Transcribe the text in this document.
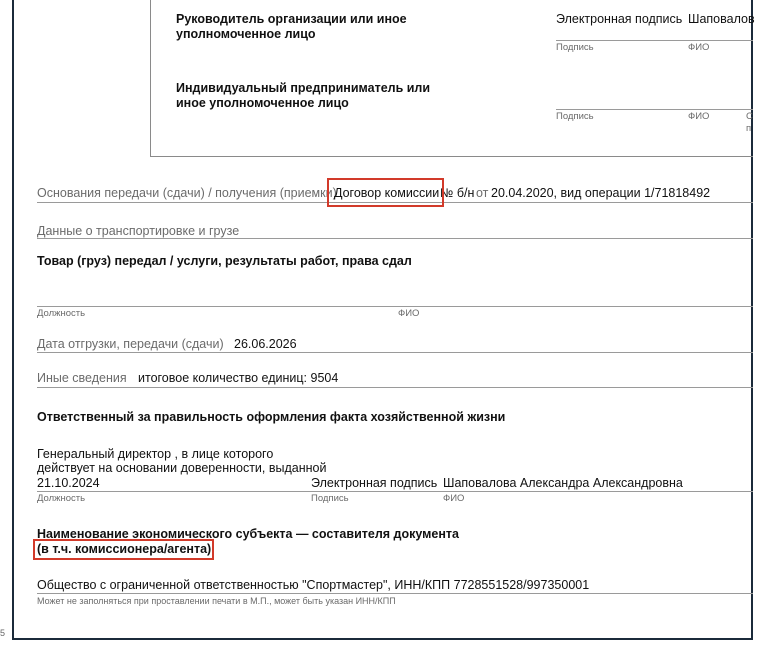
Руководитель организации или иное
уполномоченное лицо
Электронная подпись Шаповалов
Подпись	ФИО
Индивидуальный предприниматель или
иное уполномоченное лицо
Подпись	ФИО	С
п
Основания передачи (сдачи) / получения (приемки)
Договор комиссии № б/н от 20.04.2020, вид операции 1/71818492
Данные о транспортировке и грузе
Товар (груз) передал / услуги, результаты работ, права сдал
Должность	ФИО
Дата отгрузки, передачи (сдачи) 26.06.2026
Иные сведения итоговое количество единиц: 9504
Ответственный за правильность оформления факта хозяйственной жизни
Генеральный директор , в лице которого
действует на основании доверенности, выданной
21.10.2024	Электронная подпись Шаповалова Александра Александровна
Должность	Подпись	ФИО
Наименование экономического субъекта — составителя документа
(в т.ч. комиссионера/агента)
Общество с ограниченной ответственностью "Спортмастер", ИНН/КПП 7728551528/997350001
Может не заполняться при проставлении печати в М.П., может быть указан ИНН/КПП
5
